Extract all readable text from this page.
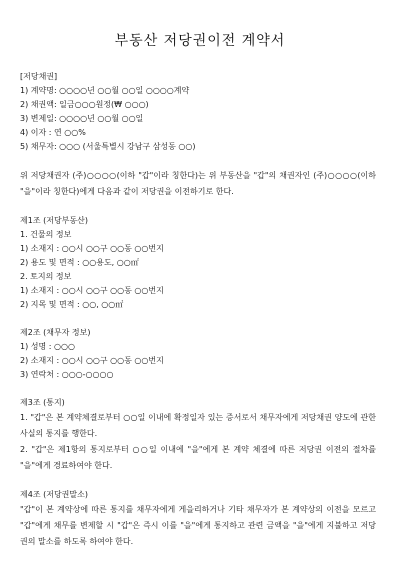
부동산 저당권이전 계약서
[저당채권]
1) 계약명: ○○○○년 ○○월 ○○일 ○○○○계약
2) 채권액: 일금○○○원정(₩ ○○○)
3) 변제일: ○○○○년 ○○월 ○○일
4) 이자 : 연 ○○%
5) 채무자: ○○○ (서울특별시 강남구 삼성동 ○○)
위 저당채권자 (주)○○○○(이하 "갑"이라 칭한다)는 위 부동산을 "갑"의 채권자인 (주)○○○○(이하 "을"이라 칭한다)에게 다음과 같이 저당권을 이전하기로 한다.
제1조 (저당부동산)
1. 건물의 정보
1) 소재지 : ○○시 ○○구 ○○동 ○○번지
2) 용도 및 면적 : ○○용도, ○○㎡
2. 토지의 정보
1) 소재지 : ○○시 ○○구 ○○동 ○○번지
2) 지목 및 면적 : ○○, ○○㎡
제2조 (채무자 정보)
1) 성명 : ○○○
2) 소재지 : ○○시 ○○구 ○○동 ○○번지
3) 연락처 : ○○○-○○○○
제3조 (통지)
1. "갑"은 본 계약체결로부터 ○○일 이내에 확정일자 있는 증서로서 채무자에게 저당채권 양도에 관한 사실의 통지를 행한다.
2. "갑"은 제1항의 통지로부터 ○○일 이내에 "을"에게 본 계약 체결에 따른 저당권 이전의 절차를 "을"에게 경료하여야 한다.
제4조 (저당권말소)
"갑"이 본 계약상에 따른 통지를 채무자에게 게을리하거나 기타 채무자가 본 계약상의 이전을 모르고 "갑"에게 채무를 변제할 시 "갑"은 즉시 이를 "을"에게 통지하고 관련 금액을 "을"에게 지불하고 저당권의 말소를 하도록 하여야 한다.
